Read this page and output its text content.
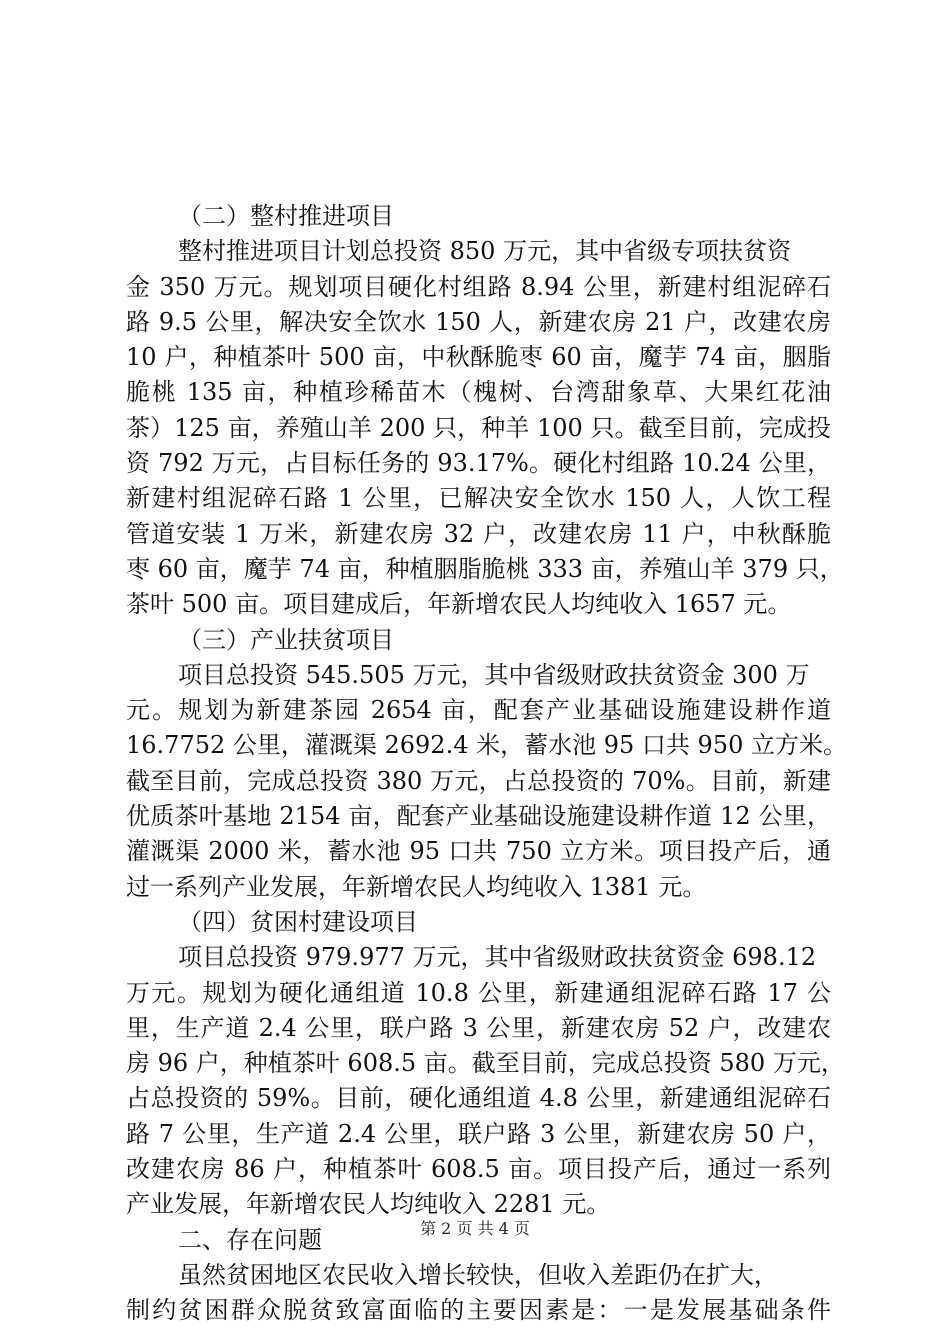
（二）整村推进项目
整村推进项目计划总投资 850 万元，其中省级专项扶贫资
金 350 万元。规划项目硬化村组路 8.94 公里，新建村组泥碎石
路 9.5 公里，解决安全饮水 150 人，新建农房 21 户，改建农房
10 户，种植茶叶 500 亩，中秋酥脆枣 60 亩，魔芋 74 亩，胭脂
脆桃 135 亩，种植珍稀苗木（槐树、台湾甜象草、大果红花油
茶）125 亩，养殖山羊 200 只，种羊 100 只。截至目前，完成投
资 792 万元，占目标任务的 93.17%。硬化村组路 10.24 公里，
新建村组泥碎石路 1 公里，已解决安全饮水 150 人，人饮工程
管道安装 1 万米，新建农房 32 户，改建农房 11 户，中秋酥脆
枣 60 亩，魔芋 74 亩，种植胭脂脆桃 333 亩，养殖山羊 379 只，
茶叶 500 亩。项目建成后，年新增农民人均纯收入 1657 元。
（三）产业扶贫项目
项目总投资 545.505 万元，其中省级财政扶贫资金 300 万
元。规划为新建茶园 2654 亩，配套产业基础设施建设耕作道
16.7752 公里，灌溉渠 2692.4 米，蓄水池 95 口共 950 立方米。
截至目前，完成总投资 380 万元，占总投资的 70%。目前，新建
优质茶叶基地 2154 亩，配套产业基础设施建设耕作道 12 公里，
灌溉渠 2000 米，蓄水池 95 口共 750 立方米。项目投产后，通
过一系列产业发展，年新增农民人均纯收入 1381 元。
（四）贫困村建设项目
项目总投资 979.977 万元，其中省级财政扶贫资金 698.12
万元。规划为硬化通组道 10.8 公里，新建通组泥碎石路 17 公
里，生产道 2.4 公里，联户路 3 公里，新建农房 52 户，改建农
房 96 户，种植茶叶 608.5 亩。截至目前，完成总投资 580 万元，
占总投资的 59%。目前，硬化通组道 4.8 公里，新建通组泥碎石
路 7 公里，生产道 2.4 公里，联户路 3 公里，新建农房 50 户，
改建农房 86 户，种植茶叶 608.5 亩。项目投产后，通过一系列
产业发展，年新增农民人均纯收入 2281 元。
二、存在问题
虽然贫困地区农民收入增长较快，但收入差距仍在扩大，
制约贫困群众脱贫致富面临的主要因素是：一是发展基础条件
第 2 页 共 4 页
